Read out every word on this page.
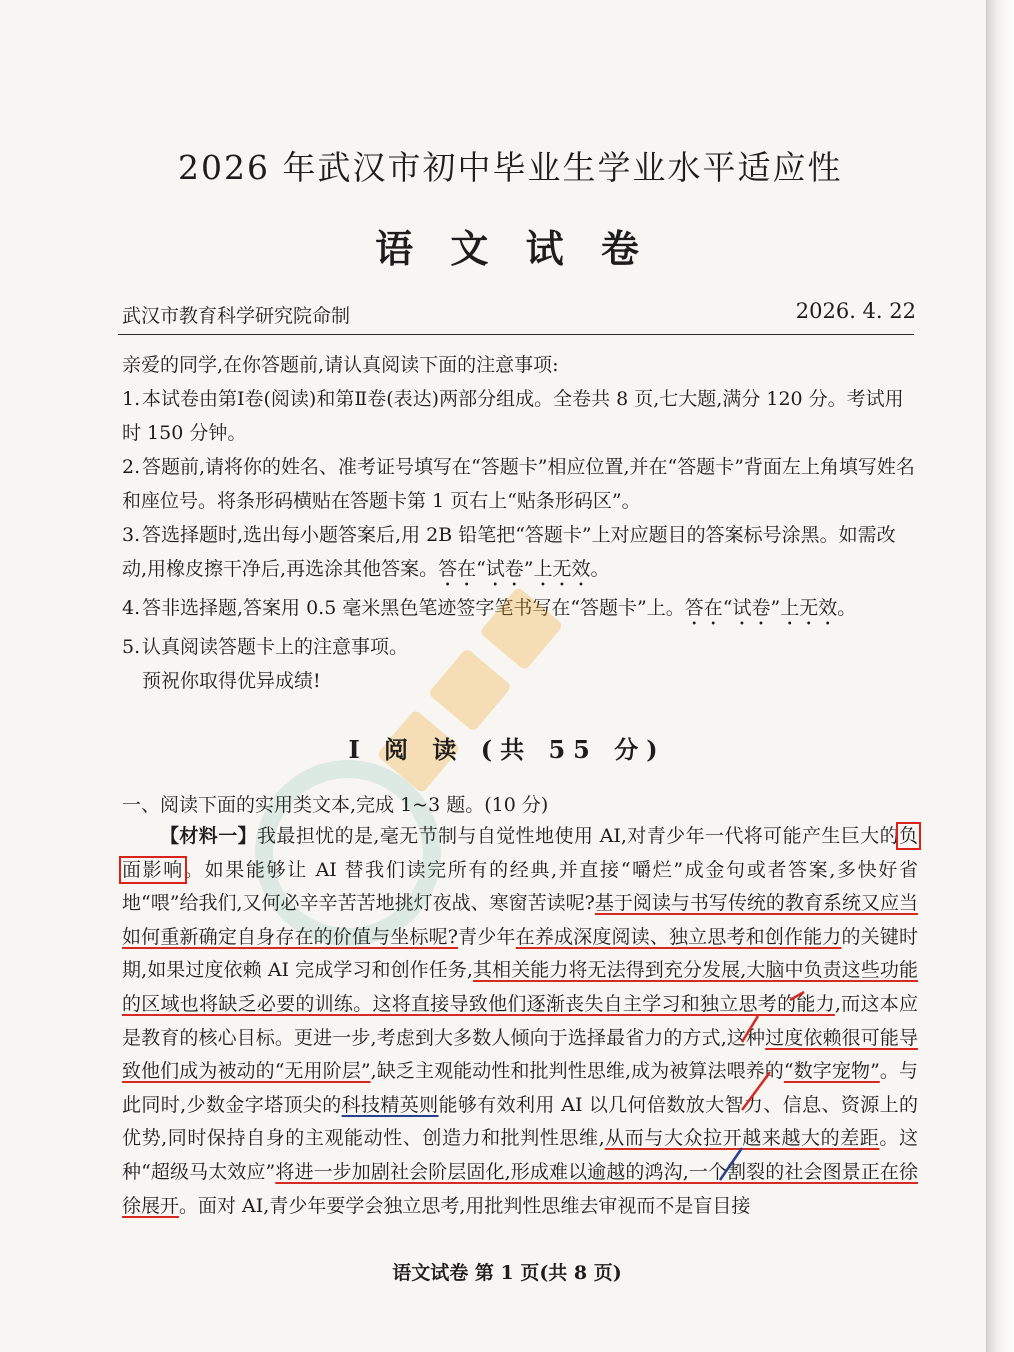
2026 年武汉市初中毕业生学业水平适应性
语 文 试 卷
武汉市教育科学研究院命制	2026. 4. 22
亲爱的同学,在你答题前,请认真阅读下面的注意事项:
1.本试卷由第Ⅰ卷(阅读)和第Ⅱ卷(表达)两部分组成。全卷共 8 页,七大题,满分 120 分。考试用时 150 分钟。
2.答题前,请将你的姓名、准考证号填写在“答题卡”相应位置,并在“答题卡”背面左上角填写姓名和座位号。将条形码横贴在答题卡第 1 页右上“贴条形码区”。
3.答选择题时,选出每小题答案后,用 2B 铅笔把“答题卡”上对应题目的答案标号涂黑。如需改动,用橡皮擦干净后,再选涂其他答案。答在“试卷”上无效。
4.答非选择题,答案用 0.5 毫米黑色笔迹签字笔书写在“答题卡”上。答在“试卷”上无效。
5.认真阅读答题卡上的注意事项。
预祝你取得优异成绩!
Ⅰ 阅 读 (共 55 分)
一、阅读下面的实用类文本,完成 1~3 题。(10 分)

【材料一】我最担忧的是,毫无节制与自觉性地使用 AI,对青少年一代将可能产生巨大的负面影响。如果能够让 AI 替我们读完所有的经典,并直接“嚼烂”成金句或者答案,多快好省地“喂”给我们,又何必辛辛苦苦地挑灯夜战、寒窗苦读呢?基于阅读与书写传统的教育系统又应当如何重新确定自身存在的价值与坐标呢?青少年在养成深度阅读、独立思考和创作能力的关键时期,如果过度依赖 AI 完成学习和创作任务,其相关能力将无法得到充分发展,大脑中负责这些功能的区域也将缺乏必要的训练。这将直接导致他们逐渐丧失自主学习和独立思考的能力,而这本应是教育的核心目标。更进一步,考虑到大多数人倾向于选择最省力的方式,这种过度依赖很可能导致他们成为被动的“无用阶层”,缺乏主观能动性和批判性思维,成为被算法喂养的“数字宠物”。与此同时,少数金字塔顶尖的科技精英则能够有效利用 AI 以几何倍数放大智力、信息、资源上的优势,同时保持自身的主观能动性、创造力和批判性思维,从而与大众拉开越来越大的差距。这种“超级马太效应”将进一步加剧社会阶层固化,形成难以逾越的鸿沟,一个割裂的社会图景正在徐徐展开。面对 AI,青少年要学会独立思考,用批判性思维去审视而不是盲目接

语文试卷 第 1 页(共 8 页)
